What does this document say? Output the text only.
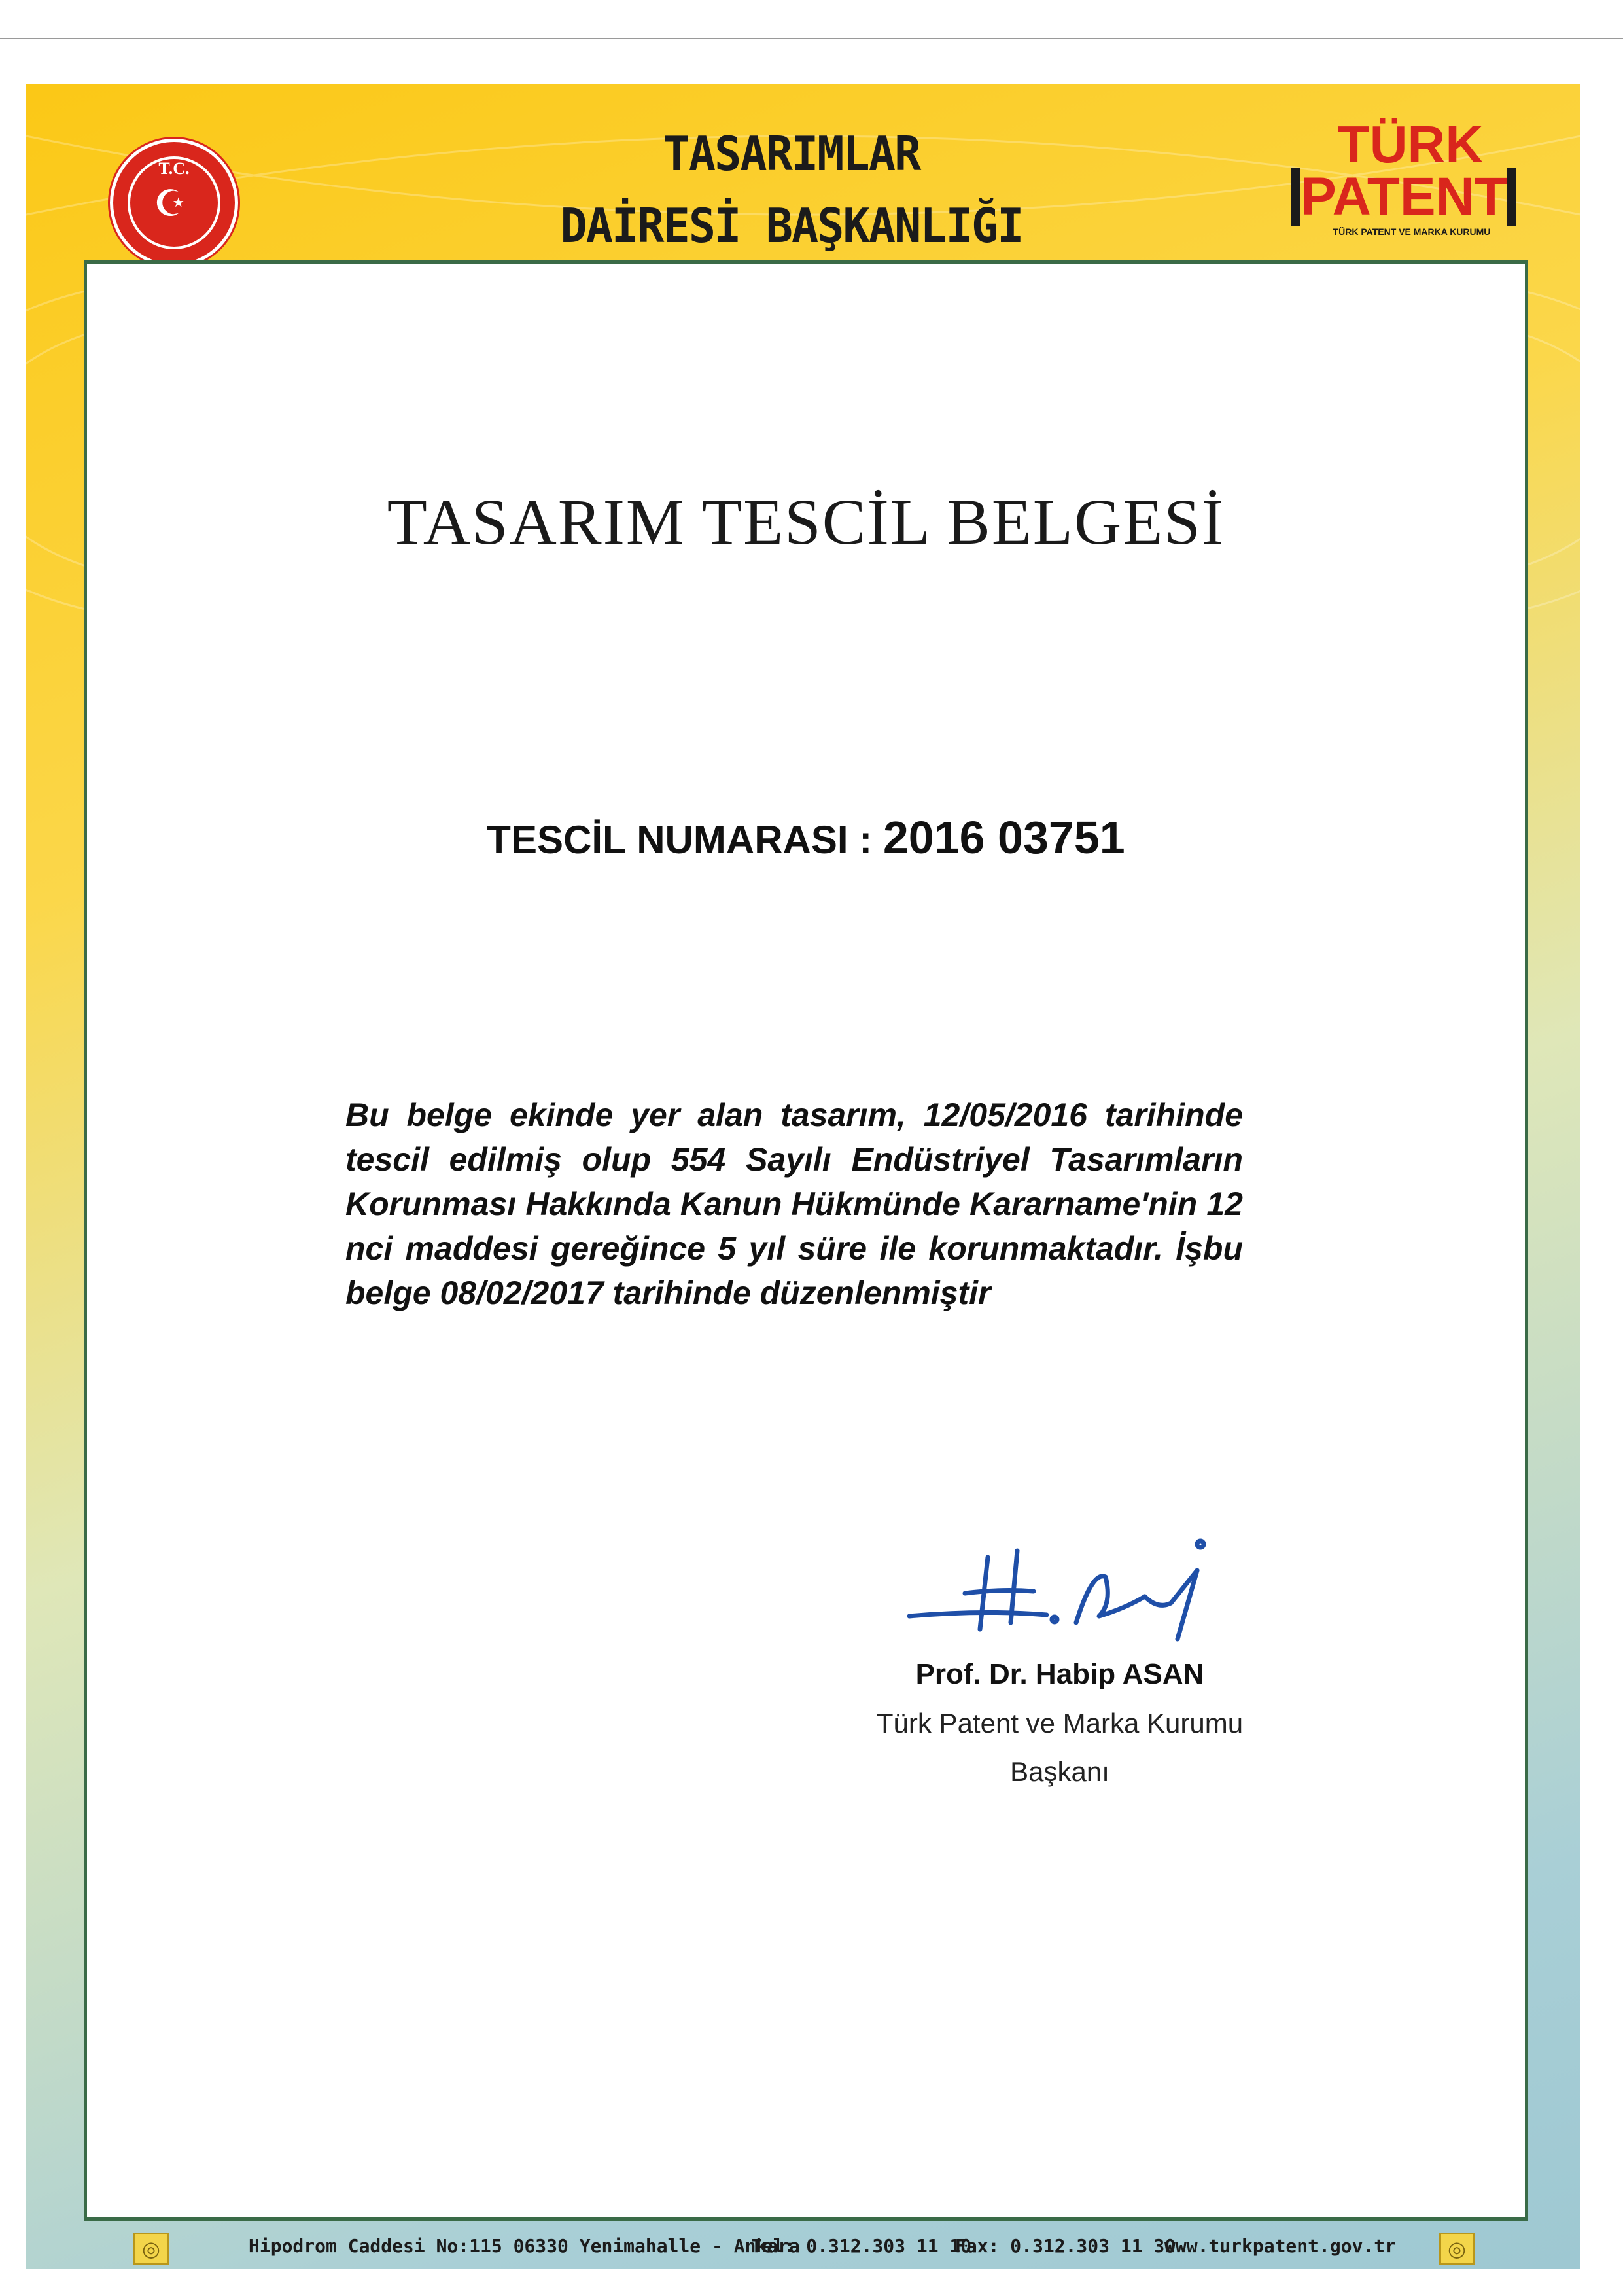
T.C.
☪
TASARIMLAR
DAİRESİ BAŞKANLIĞI
TÜRK
PATENT
TÜRK PATENT VE MARKA KURUMU
TASARIM TESCİL BELGESİ
TESCİL NUMARASI : 2016 03751
Bu belge ekinde yer alan tasarım, 12/05/2016 tarihinde tescil edilmiş olup 554 Sayılı Endüstriyel Tasarımların Korunması Hakkında Kanun Hükmünde Kararname'nin 12 nci maddesi gereğince 5 yıl süre ile korunmaktadır. İşbu belge 08/02/2017 tarihinde düzenlenmiştir
Prof. Dr. Habip ASAN
Türk Patent ve Marka Kurumu
Başkanı
◎	Hipodrom Caddesi No:115 06330 Yenimahalle - Ankara
Tel: 0.312.303 11 10
Fax: 0.312.303 11 30
www.turkpatent.gov.tr	◎
